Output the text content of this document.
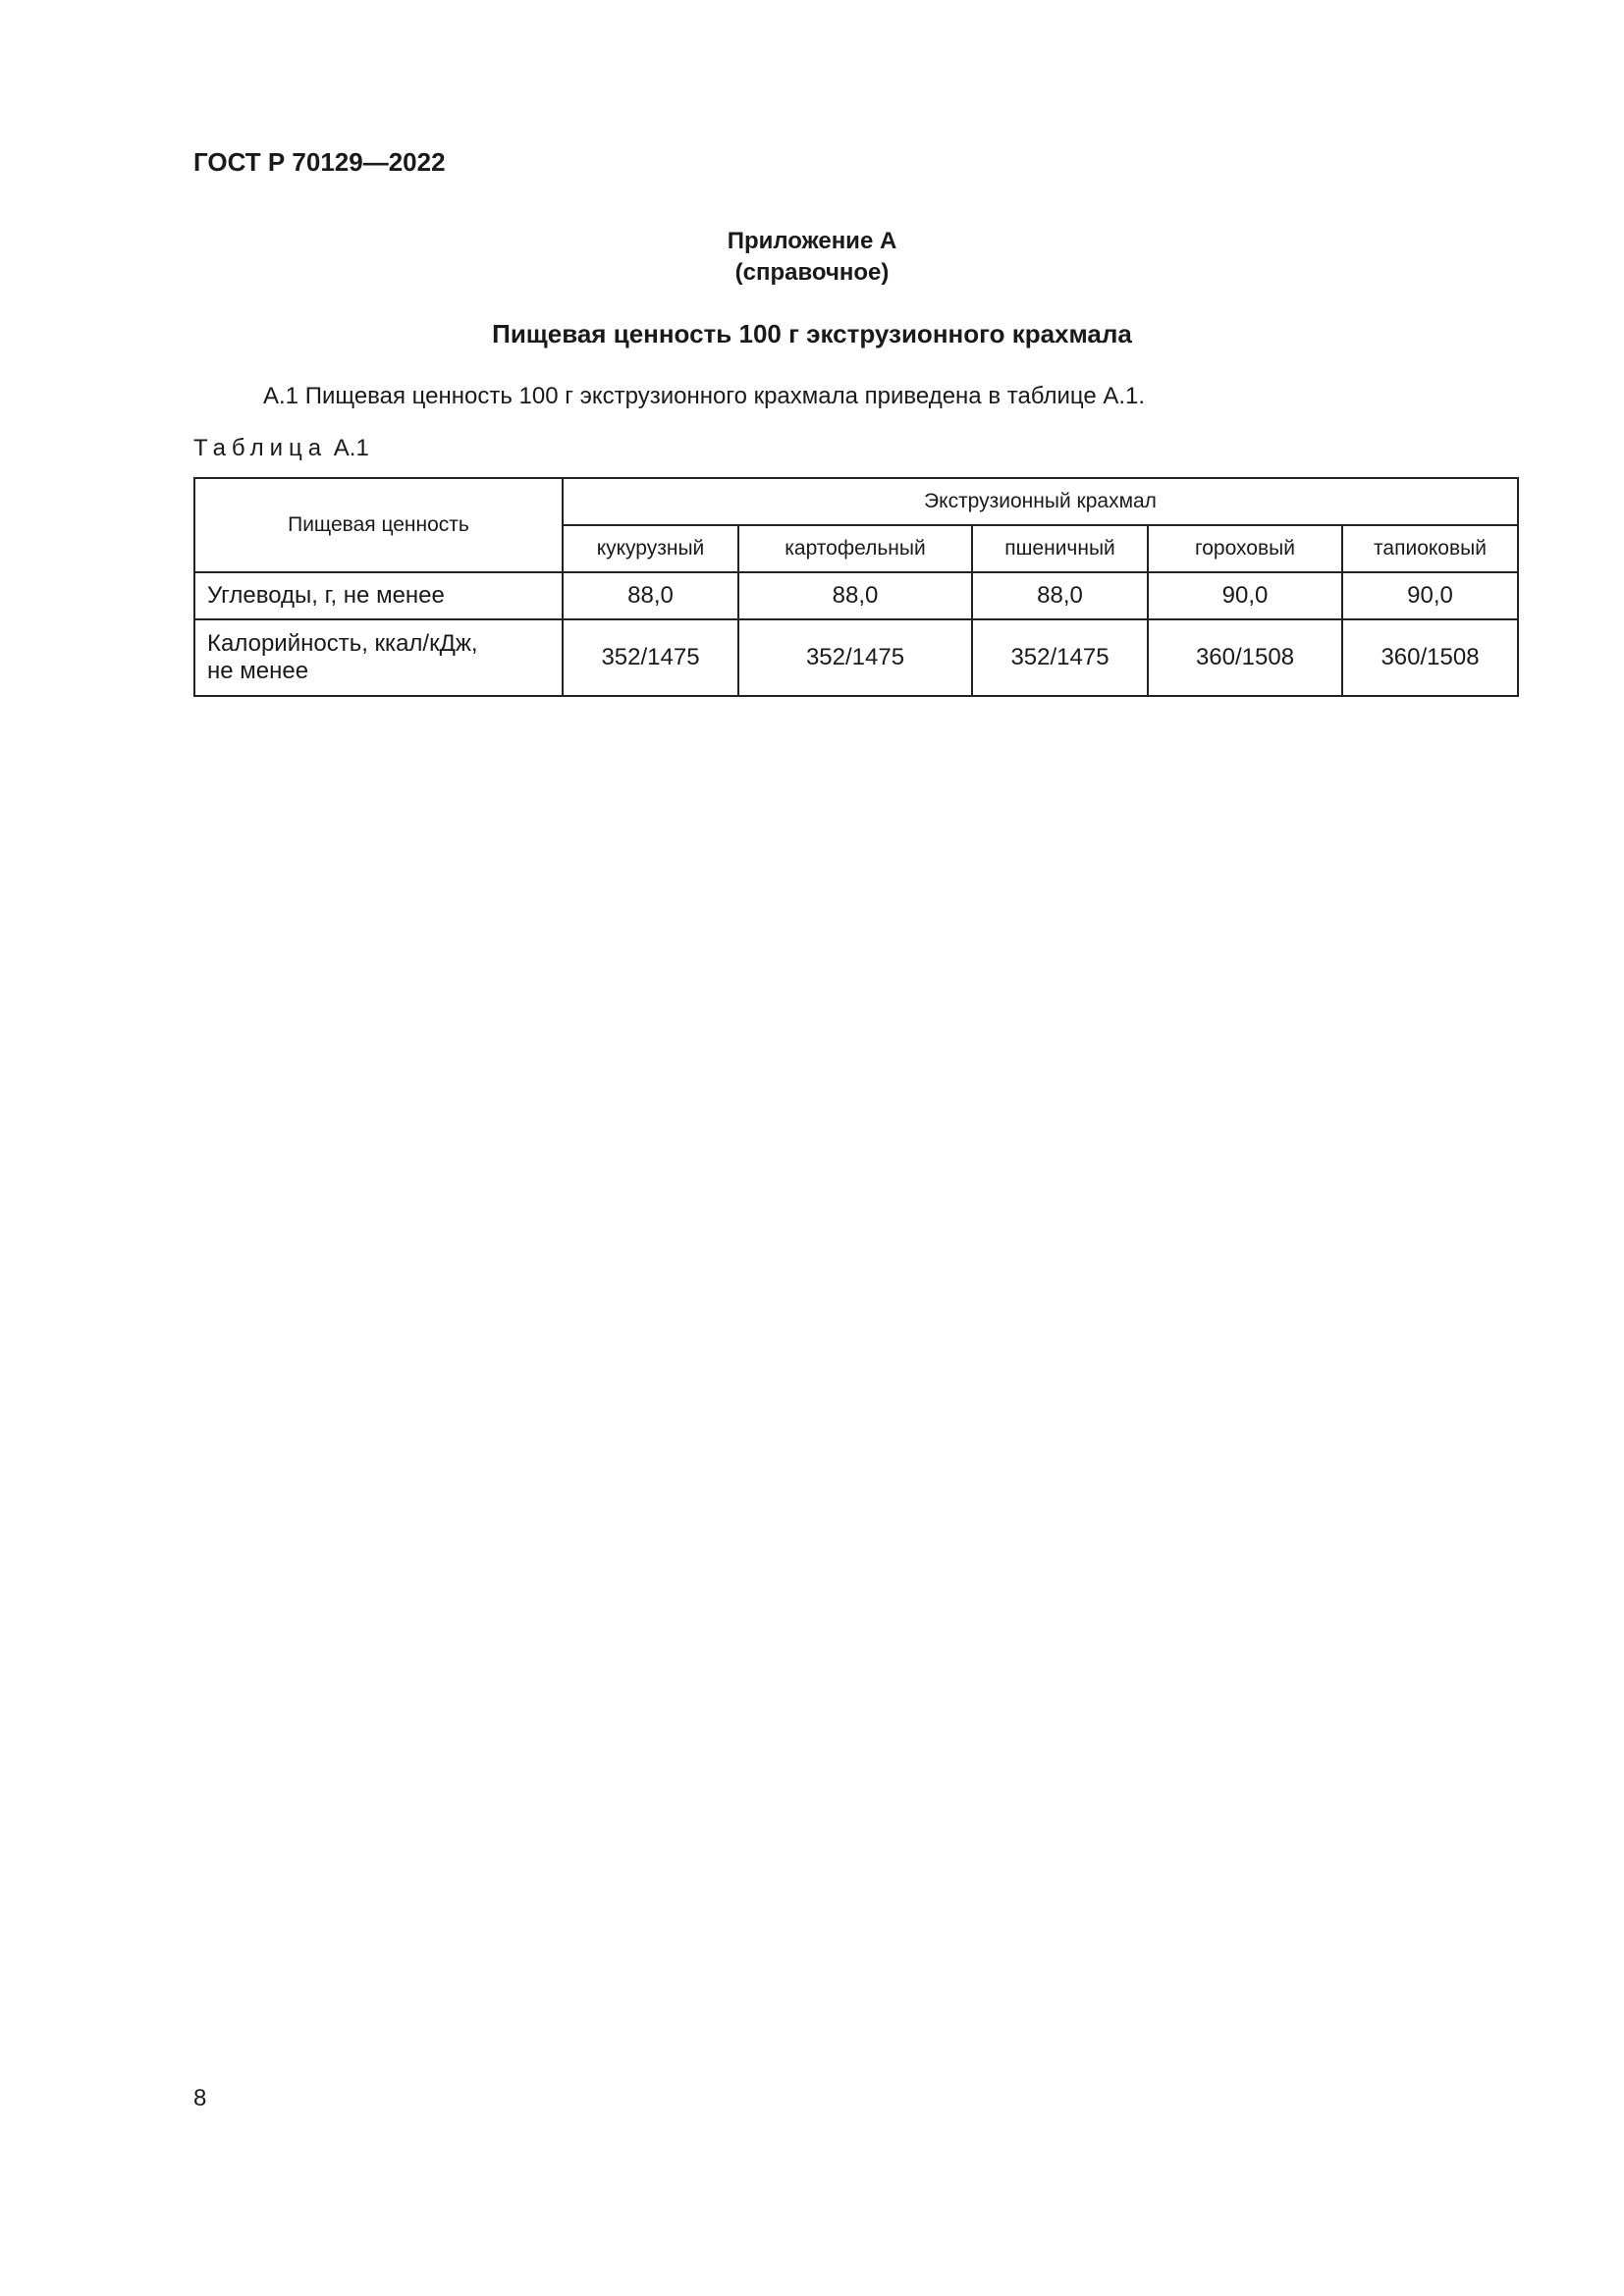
ГОСТ Р 70129—2022
Приложение А
(справочное)
Пищевая ценность 100 г экструзионного крахмала
А.1 Пищевая ценность 100 г экструзионного крахмала приведена в таблице А.1.
Таблица А.1
Пищевая ценность	Экструзионный крахмал				
	кукурузный	картофельный	пшеничный	гороховый	тапиоковый
Углеводы, г, не менее	88,0	88,0	88,0	90,0	90,0

Калорийность, ккал/кДж,
не менее	352/1475	352/1475	352/1475	360/1508	360/1508
8
